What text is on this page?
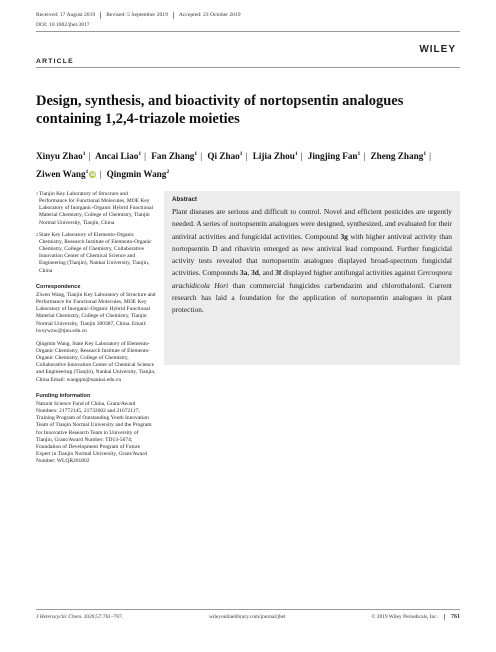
Received: 17 August 2019	Revised: 5 September 2019	Accepted: 23 October 2019
DOI: 10.1002/jhet.3817
WILEY
ARTICLE
Design, synthesis, and bioactivity of nortopsentin analogues containing 1,2,4-triazole moieties
Xinyu Zhao$^1$ | Ancai Liao$^1$ | Fan Zhang$^1$ | Qi Zhao$^1$ | Lijia Zhou$^1$ | Jingjing Fan$^1$ | Zheng Zhang$^1$ | Ziwen Wang$^1$ iD | Qingmin Wang$^2$
1 Tianjin Key Laboratory of Structure and Performance for Functional Molecules, MOE Key Laboratory of Inorganic-Organic Hybrid Functional Material Chemistry, College of Chemistry, Tianjin Normal University, Tianjin, China
2 State Key Laboratory of Elemento-Organic Chemistry, Research Institute of Elemento-Organic Chemistry, College of Chemistry, Collaborative Innovation Center of Chemical Science and Engineering (Tianjin), Nankai University, Tianjin, China
Correspondence
Ziwen Wang, Tianjin Key Laboratory of Structure and Performance for Functional Molecules, MOE Key Laboratory of Inorganic-Organic Hybrid Functional Material Chemistry, College of Chemistry, Tianjin Normal University, Tianjin 300387, China. Email: hxxywzw@tjnu.edu.cn
Qingmin Wang, State Key Laboratory of Elemento-Organic Chemistry, Research Institute of Elemento-Organic Chemistry, College of Chemistry, Collaborative Innovation Center of Chemical Science and Engineering (Tianjin), Nankai University, Tianjin, China Email: wangqm@nankai.edu.cn
Funding information
Natural Science Fund of China, Grant/Award Numbers: 21772145, 21732002 and 21672117; Training Program of Outstanding Youth Innovation Team of Tianjin Normal University and the Program for Innovative Research Team in University of Tianjin, Grant/Award Number: TD13-5074; Foundation of Development Program of Future Expert in Tianjin Normal University, Grant/Award Number: WLQR201802
Abstract

Plant diseases are serious and difficult to control. Novel and efficient pesticides are urgently needed. A series of nortopsentin analogues were designed, synthesized, and evaluated for their antiviral activities and fungicidal activities. Compound 3g with higher antiviral activity than nortopsentin D and ribavirin emerged as new antiviral lead compound. Further fungicidal activity tests revealed that nortopsentin analogues displayed broad-spectrum fungicidal activities. Compounds 3a, 3d, and 3f displayed higher antifungal activities against Cercospora arachidicola Hori than commercial fungicides carbendazim and chlorothalonil. Current research has laid a foundation for the application of nortopsentin analogues in plant protection.

J Heterocyclic Chem. 2020;57:761–767.	wileyonlinelibrary.com/journal/jhet	© 2019 Wiley Periodicals, Inc.	761
